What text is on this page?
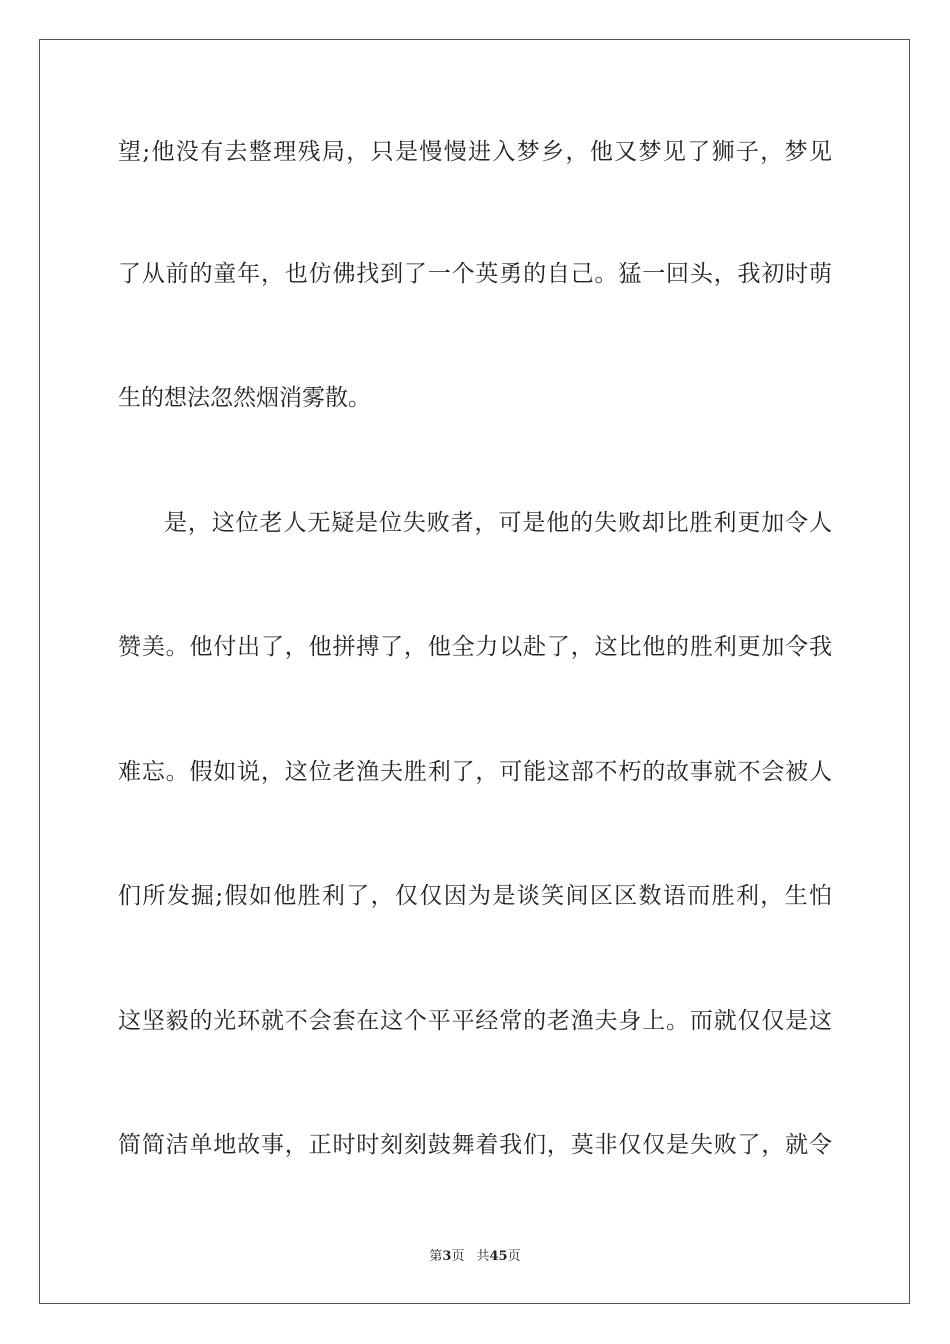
望;他没有去整理残局，只是慢慢进入梦乡，他又梦见了狮子，梦见
了从前的童年，也仿佛找到了一个英勇的自己。猛一回头，我初时萌
生的想法忽然烟消雾散。
是，这位老人无疑是位失败者，可是他的失败却比胜利更加令人
赞美。他付出了，他拼搏了，他全力以赴了，这比他的胜利更加令我
难忘。假如说，这位老渔夫胜利了，可能这部不朽的故事就不会被人
们所发掘;假如他胜利了，仅仅因为是谈笑间区区数语而胜利，生怕
这坚毅的光环就不会套在这个平平经常的老渔夫身上。而就仅仅是这
简简洁单地故事，正时时刻刻鼓舞着我们，莫非仅仅是失败了，就令
第3页 共45页
